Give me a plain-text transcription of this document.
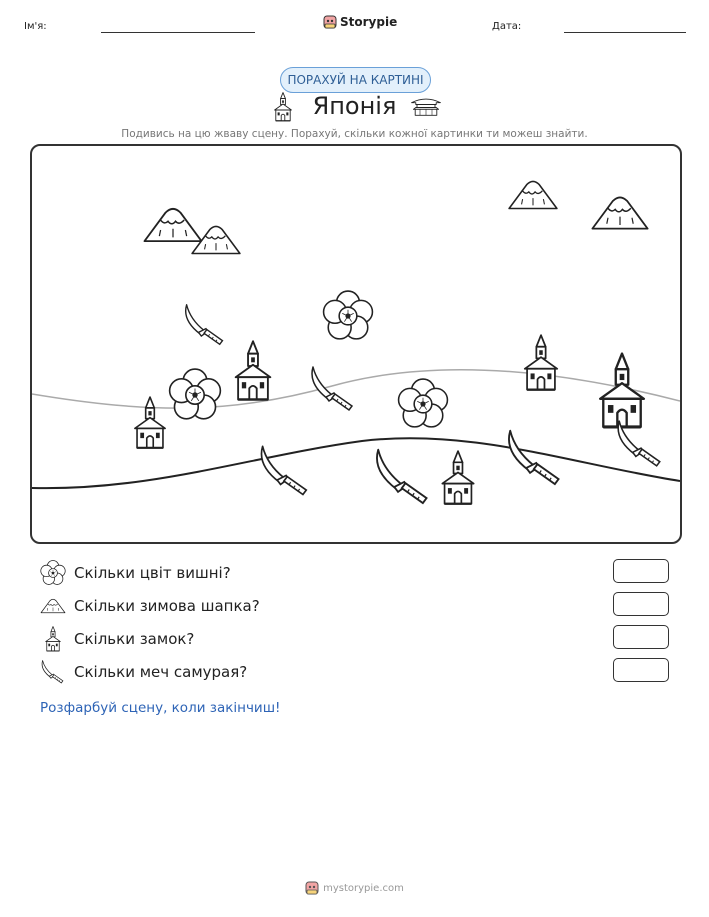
Ім'я:	Storypie	Дата:
ПОРАХУЙ НА КАРТИНІ
Японія
Подивись на цю жваву сцену. Порахуй, скільки кожної картинки ти можеш знайти.
Скільки цвіт вишні?
Скільки зимова шапка?
Скільки замок?
Скільки меч самурая?
Розфарбуй сцену, коли закінчиш!
mystorypie.com
